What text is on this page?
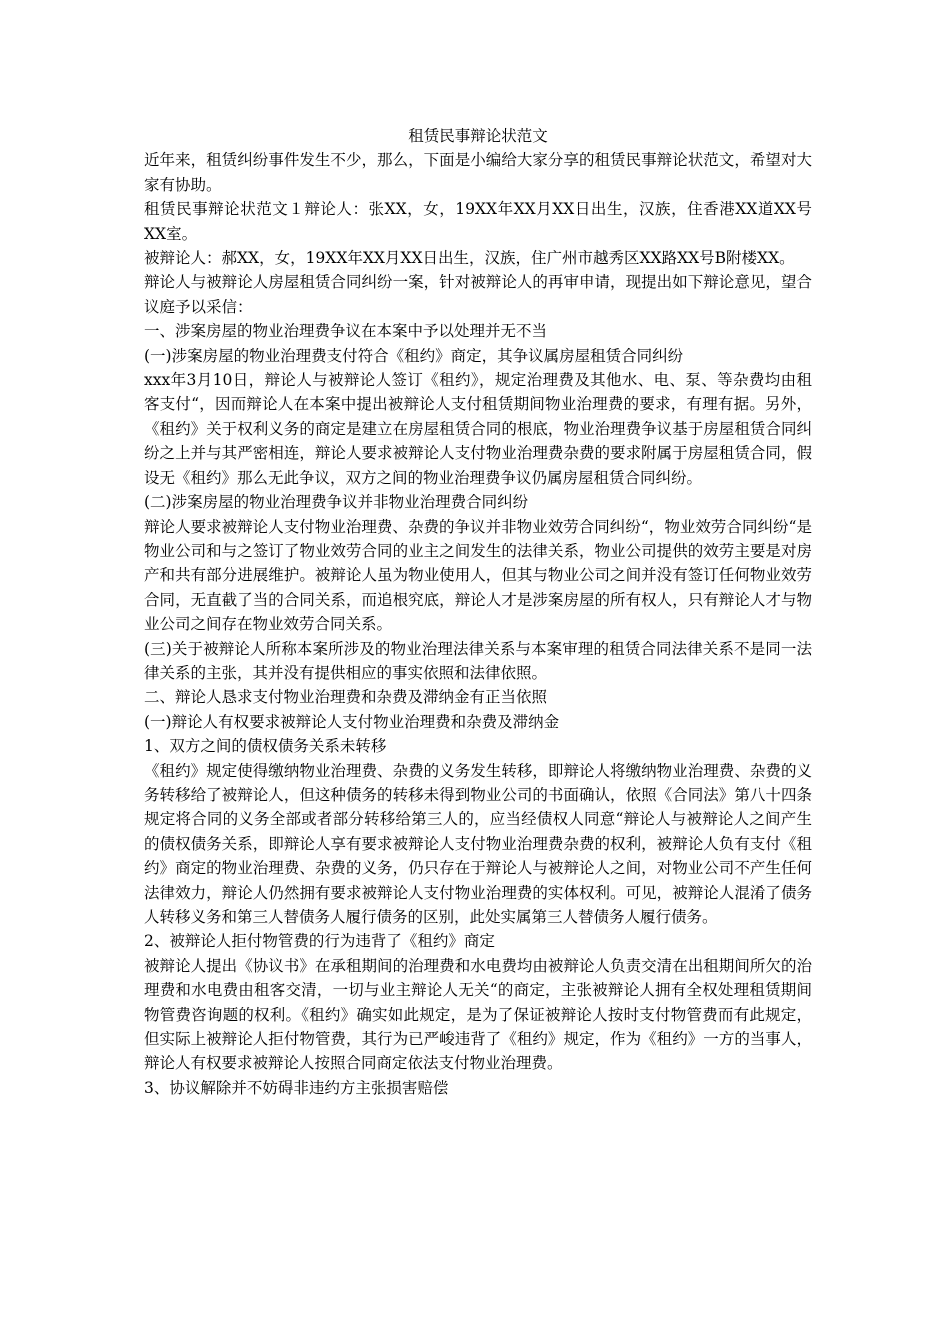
租赁民事辩论状范文

近年来，租赁纠纷事件发生不少，那么，下面是小编给大家分享的租赁民事辩论状范文，希望对大家有协助。

租赁民事辩论状范文１辩论人：张XX，女，19XX年XX月XX日出生，汉族，住香港XX道XX号XX室。

被辩论人：郝XX，女，19XX年XX月XX日出生，汉族，住广州市越秀区XX路XX号B附楼XX。

辩论人与被辩论人房屋租赁合同纠纷一案，针对被辩论人的再审申请，现提出如下辩论意见，望合议庭予以采信：

一、涉案房屋的物业治理费争议在本案中予以处理并无不当

(一)涉案房屋的物业治理费支付符合《租约》商定，其争议属房屋租赁合同纠纷

xxx年3月10日，辩论人与被辩论人签订《租约》，规定治理费及其他水、电、泵、等杂费均由租客支付“，因而辩论人在本案中提出被辩论人支付租赁期间物业治理费的要求，有理有据。另外，《租约》关于权利义务的商定是建立在房屋租赁合同的根底，物业治理费争议基于房屋租赁合同纠纷之上并与其严密相连，辩论人要求被辩论人支付物业治理费杂费的要求附属于房屋租赁合同，假设无《租约》那么无此争议，双方之间的物业治理费争议仍属房屋租赁合同纠纷。

(二)涉案房屋的物业治理费争议并非物业治理费合同纠纷

辩论人要求被辩论人支付物业治理费、杂费的争议并非物业效劳合同纠纷“，物业效劳合同纠纷“是物业公司和与之签订了物业效劳合同的业主之间发生的法律关系，物业公司提供的效劳主要是对房产和共有部分进展维护。被辩论人虽为物业使用人，但其与物业公司之间并没有签订任何物业效劳合同，无直截了当的合同关系，而追根究底，辩论人才是涉案房屋的所有权人，只有辩论人才与物业公司之间存在物业效劳合同关系。

(三)关于被辩论人所称本案所涉及的物业治理法律关系与本案审理的租赁合同法律关系不是同一法律关系的主张，其并没有提供相应的事实依照和法律依照。

二、辩论人恳求支付物业治理费和杂费及滞纳金有正当依照

(一)辩论人有权要求被辩论人支付物业治理费和杂费及滞纳金

1、双方之间的债权债务关系未转移

《租约》规定使得缴纳物业治理费、杂费的义务发生转移，即辩论人将缴纳物业治理费、杂费的义务转移给了被辩论人，但这种债务的转移未得到物业公司的书面确认，依照《合同法》第八十四条规定将合同的义务全部或者部分转移给第三人的，应当经债权人同意“辩论人与被辩论人之间产生的债权债务关系，即辩论人享有要求被辩论人支付物业治理费杂费的权利，被辩论人负有支付《租约》商定的物业治理费、杂费的义务，仍只存在于辩论人与被辩论人之间，对物业公司不产生任何法律效力，辩论人仍然拥有要求被辩论人支付物业治理费的实体权利。可见，被辩论人混淆了债务人转移义务和第三人替债务人履行债务的区别，此处实属第三人替债务人履行债务。

2、被辩论人拒付物管费的行为违背了《租约》商定

被辩论人提出《协议书》在承租期间的治理费和水电费均由被辩论人负责交清在出租期间所欠的治理费和水电费由租客交清，一切与业主辩论人无关“的商定，主张被辩论人拥有全权处理租赁期间物管费咨询题的权利。《租约》确实如此规定，是为了保证被辩论人按时支付物管费而有此规定，但实际上被辩论人拒付物管费，其行为已严峻违背了《租约》规定，作为《租约》一方的当事人，辩论人有权要求被辩论人按照合同商定依法支付物业治理费。

3、协议解除并不妨碍非违约方主张损害赔偿
